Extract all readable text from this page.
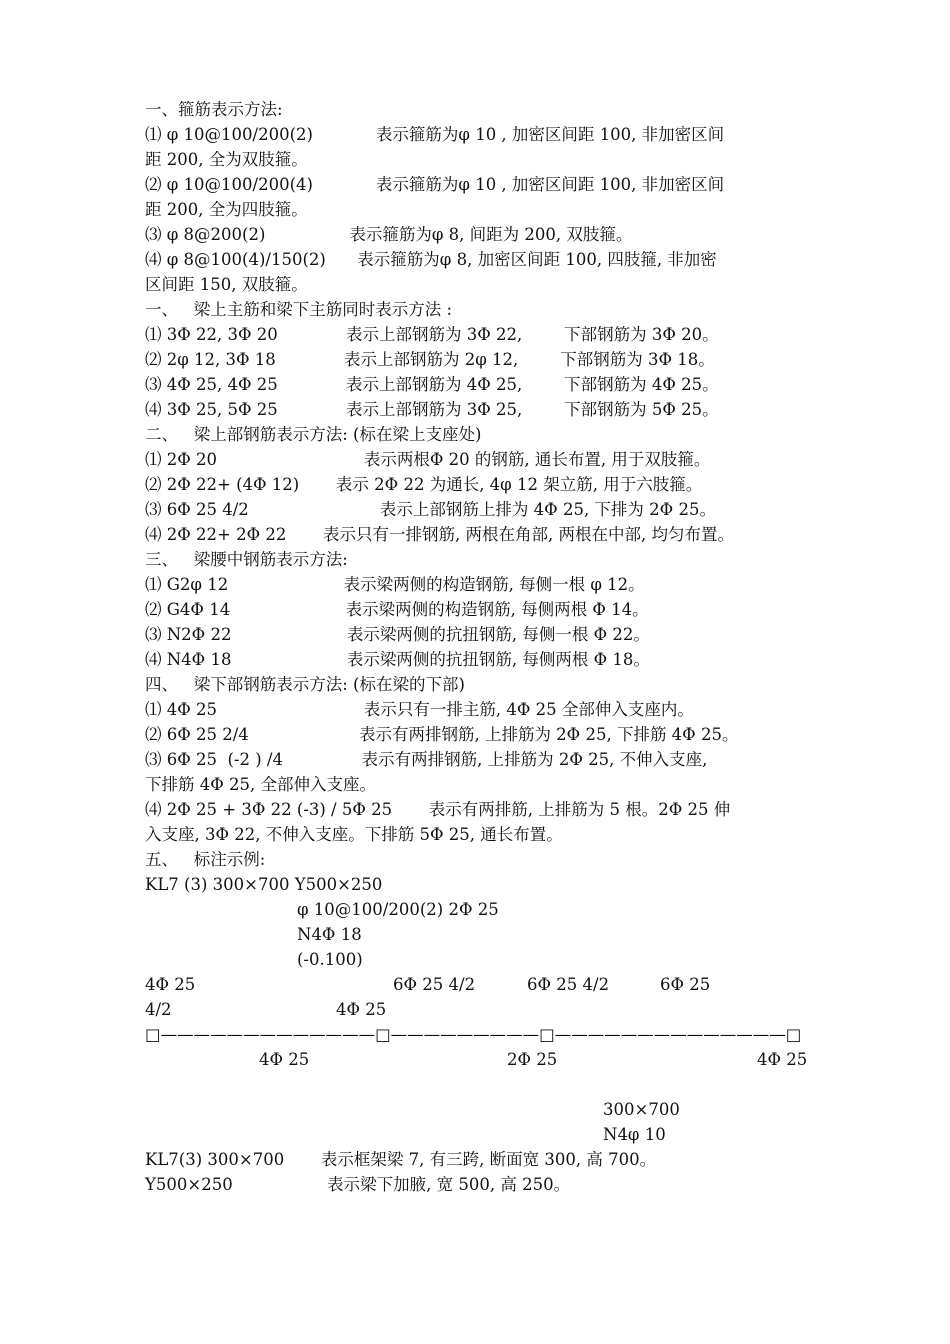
一、箍筋表示方法:
⑴ φ 10@100/200(2)            表示箍筋为φ 10 , 加密区间距 100, 非加密区间
距 200, 全为双肢箍。
⑵ φ 10@100/200(4)            表示箍筋为φ 10 , 加密区间距 100, 非加密区间
距 200, 全为四肢箍。
⑶ φ 8@200(2)                表示箍筋为φ 8, 间距为 200, 双肢箍。
⑷ φ 8@100(4)/150(2)      表示箍筋为φ 8, 加密区间距 100, 四肢箍, 非加密
区间距 150, 双肢箍。
一、   梁上主筋和梁下主筋同时表示方法 :
⑴ 3Φ 22, 3Φ 20             表示上部钢筋为 3Φ 22,        下部钢筋为 3Φ 20。
⑵ 2φ 12, 3Φ 18             表示上部钢筋为 2φ 12,        下部钢筋为 3Φ 18。
⑶ 4Φ 25, 4Φ 25             表示上部钢筋为 4Φ 25,        下部钢筋为 4Φ 25。
⑷ 3Φ 25, 5Φ 25             表示上部钢筋为 3Φ 25,        下部钢筋为 5Φ 25。
二、   梁上部钢筋表示方法: (标在梁上支座处)
⑴ 2Φ 20                            表示两根Φ 20 的钢筋, 通长布置, 用于双肢箍。
⑵ 2Φ 22+ (4Φ 12)       表示 2Φ 22 为通长, 4φ 12 架立筋, 用于六肢箍。
⑶ 6Φ 25 4/2                         表示上部钢筋上排为 4Φ 25, 下排为 2Φ 25。
⑷ 2Φ 22+ 2Φ 22       表示只有一排钢筋, 两根在角部, 两根在中部, 均匀布置。
三、   梁腰中钢筋表示方法:
⑴ G2φ 12                      表示梁两侧的构造钢筋, 每侧一根 φ 12。
⑵ G4Φ 14                      表示梁两侧的构造钢筋, 每侧两根 Φ 14。
⑶ N2Φ 22                      表示梁两侧的抗扭钢筋, 每侧一根 Φ 22。
⑷ N4Φ 18                      表示梁两侧的抗扭钢筋, 每侧两根 Φ 18。
四、   梁下部钢筋表示方法: (标在梁的下部)
⑴ 4Φ 25                            表示只有一排主筋, 4Φ 25 全部伸入支座内。
⑵ 6Φ 25 2/4                     表示有两排钢筋, 上排筋为 2Φ 25, 下排筋 4Φ 25。
⑶ 6Φ 25  (-2 ) /4               表示有两排钢筋, 上排筋为 2Φ 25, 不伸入支座,
下排筋 4Φ 25, 全部伸入支座。
⑷ 2Φ 25 + 3Φ 22 (-3) / 5Φ 25       表示有两排筋, 上排筋为 5 根。2Φ 25 伸
入支座, 3Φ 22, 不伸入支座。下排筋 5Φ 25, 通长布置。
五、   标注示例:
KL7 (3) 300×700 Y500×250
φ 10@100/200(2) 2Φ 25
N4Φ 18
(-0.100)
4Φ 25	6Φ 25 4/2	6Φ 25 4/2	6Φ 25
4/2	4Φ 25
□—————————————□—————————□——————————————□
4Φ 25	2Φ 25	4Φ 25
300×700
N4φ 10
KL7(3) 300×700       表示框架梁 7, 有三跨, 断面宽 300, 高 700。
Y500×250                  表示梁下加腋, 宽 500, 高 250。
